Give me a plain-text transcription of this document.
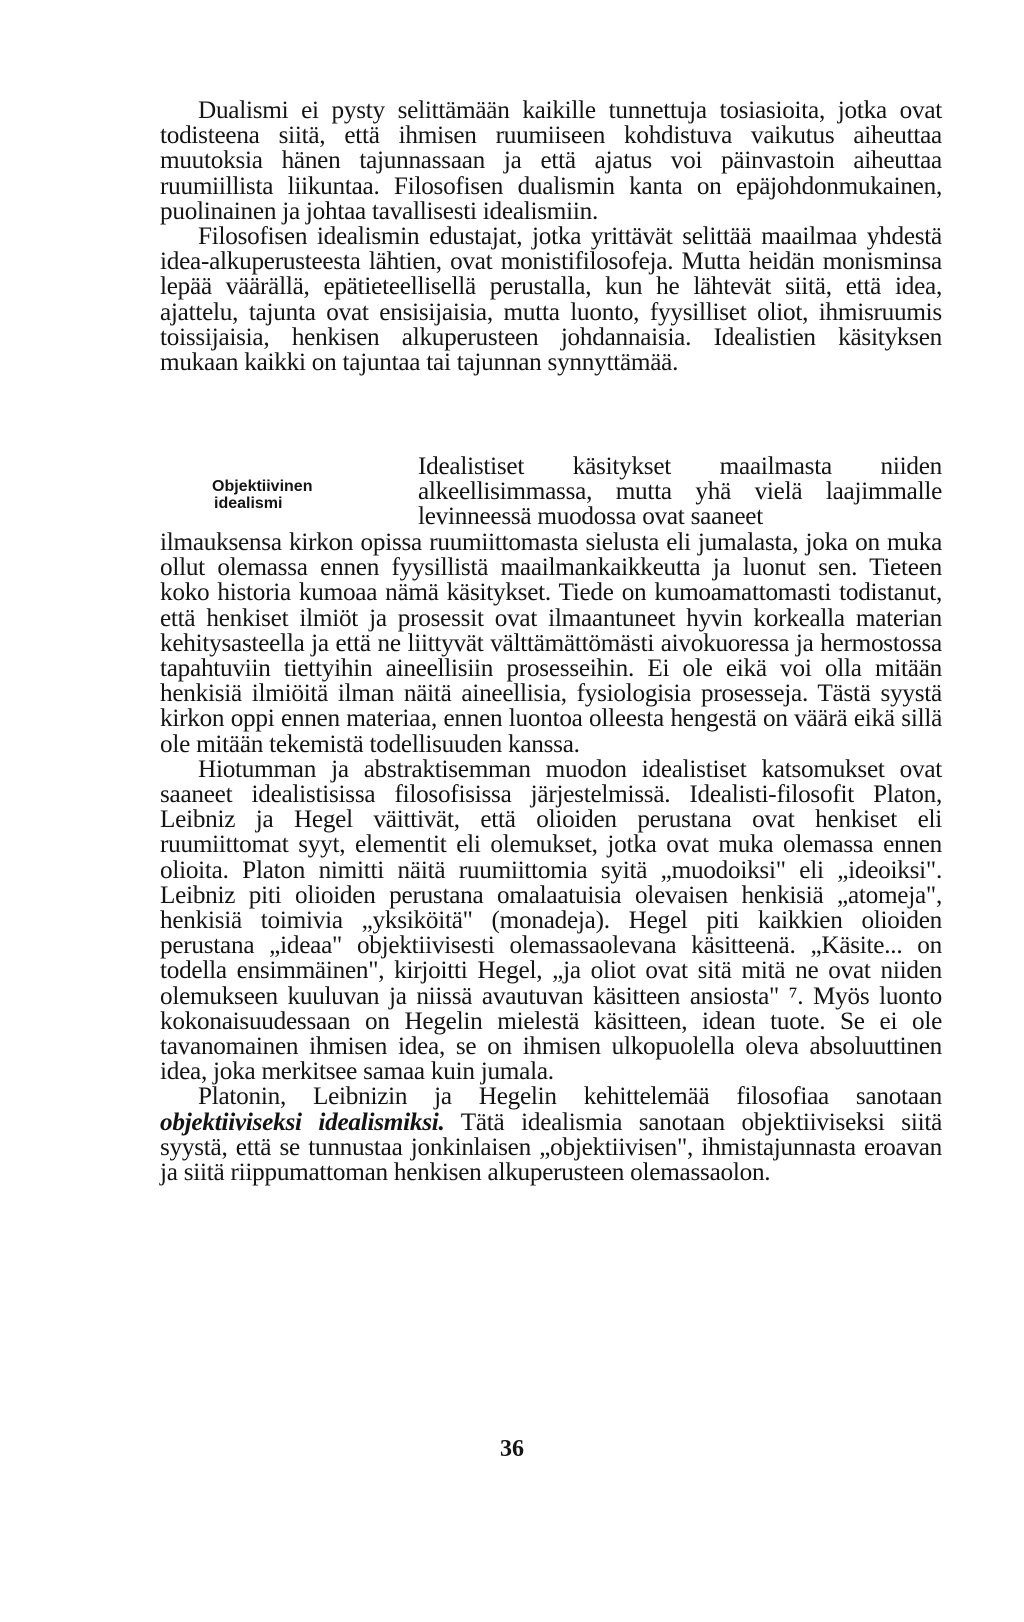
Dualismi ei pysty selittämään kaikille tunnettuja tosiasioita, jotka ovat todisteena siitä, että ihmisen ruumiiseen kohdistuva vaikutus aiheuttaa muutoksia hänen tajunnassaan ja että ajatus voi päinvastoin aiheuttaa ruumiillista liikuntaa. Filosofisen dualismin kanta on epäjohdonmukainen, puolinainen ja johtaa tavallisesti idealismiin.

Filosofisen idealismin edustajat, jotka yrittävät selittää maailmaa yhdestä idea-alkuperusteesta lähtien, ovat monistifilosofeja. Mutta heidän monisminsa lepää väärällä, epätieteellisellä perustalla, kun he lähtevät siitä, että idea, ajattelu, tajunta ovat ensisijaisia, mutta luonto, fyysilliset oliot, ihmisruumis toissijaisia, henkisen alkuperusteen johdannaisia. Idealistien käsityksen mukaan kaikki on tajuntaa tai tajunnan synnyttämää.

Objektiivinen
idealismi

Idealistiset käsitykset maailmasta niiden alkeellisimmassa, mutta yhä vielä laajimmalle levinneessä muodossa ovat saaneet

ilmauksensa kirkon opissa ruumiittomasta sielusta eli jumalasta, joka on muka ollut olemassa ennen fyysillistä maailmankaikkeutta ja luonut sen. Tieteen koko historia kumoaa nämä käsitykset. Tiede on kumoamattomasti todistanut, että henkiset ilmiöt ja prosessit ovat ilmaantuneet hyvin korkealla materian kehitysasteella ja että ne liittyvät välttämättömästi aivokuoressa ja hermostossa tapahtuviin tiettyihin aineellisiin prosesseihin. Ei ole eikä voi olla mitään henkisiä ilmiöitä ilman näitä aineellisia, fysiologisia prosesseja. Tästä syystä kirkon oppi ennen materiaa, ennen luontoa olleesta hengestä on väärä eikä sillä ole mitään tekemistä todellisuuden kanssa.

Hiotumman ja abstraktisemman muodon idealistiset katsomukset ovat saaneet idealistisissa filosofisissa järjestelmissä. Idealisti-filosofit Platon, Leibniz ja Hegel väittivät, että olioiden perustana ovat henkiset eli ruumiittomat syyt, elementit eli olemukset, jotka ovat muka olemassa ennen olioita. Platon nimitti näitä ruumiittomia syitä „muodoiksi" eli „ideoiksi". Leibniz piti olioiden perustana omalaatuisia olevaisen henkisiä „atomeja", henkisiä toimivia „yksiköitä" (monadeja). Hegel piti kaikkien olioiden perustana „ideaa" objektiivisesti olemassaolevana käsitteenä. „Käsite... on todella ensimmäinen", kirjoitti Hegel, „ja oliot ovat sitä mitä ne ovat niiden olemukseen kuuluvan ja niissä avautuvan käsitteen ansiosta" ⁷. Myös luonto kokonaisuudessaan on Hegelin mielestä käsitteen, idean tuote. Se ei ole tavanomainen ihmisen idea, se on ihmisen ulkopuolella oleva absoluuttinen idea, joka merkitsee samaa kuin jumala.

Platonin, Leibnizin ja Hegelin kehittelemää filosofiaa sanotaan objektiiviseksi idealismiksi. Tätä idealismia sanotaan objektiiviseksi siitä syystä, että se tunnustaa jonkinlaisen „objektiivisen", ihmistajunnasta eroavan ja siitä riippumattoman henkisen alkuperusteen olemassaolon.

36
